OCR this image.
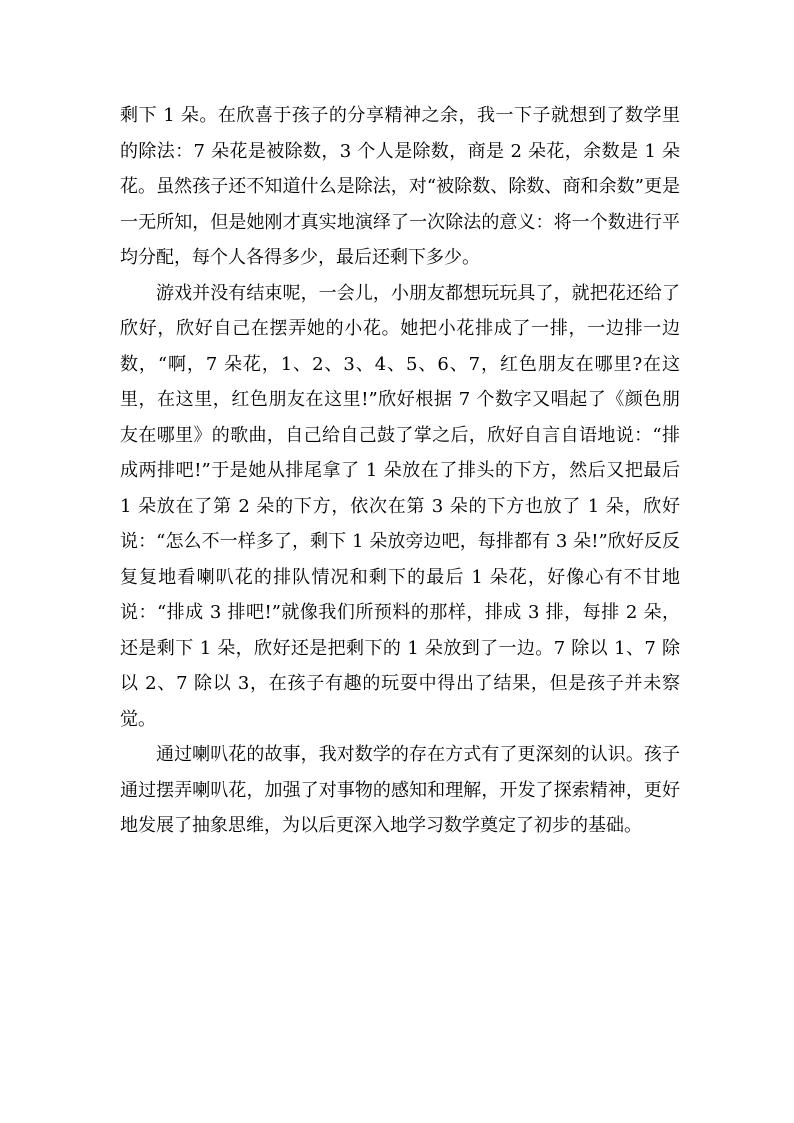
剩下 1 朵。在欣喜于孩子的分享精神之余，我一下子就想到了数学里的除法：7 朵花是被除数，3 个人是除数，商是 2 朵花，余数是 1 朵花。虽然孩子还不知道什么是除法，对“被除数、除数、商和余数”更是一无所知，但是她刚才真实地演绎了一次除法的意义：将一个数进行平均分配，每个人各得多少，最后还剩下多少。

游戏并没有结束呢，一会儿，小朋友都想玩玩具了，就把花还给了欣好，欣好自己在摆弄她的小花。她把小花排成了一排，一边排一边数，“啊，7 朵花，1、2、3、4、5、6、7，红色朋友在哪里?在这里，在这里，红色朋友在这里!”欣好根据 7 个数字又唱起了《颜色朋友在哪里》的歌曲，自己给自己鼓了掌之后，欣好自言自语地说：“排成两排吧!”于是她从排尾拿了 1 朵放在了排头的下方，然后又把最后 1 朵放在了第 2 朵的下方，依次在第 3 朵的下方也放了 1 朵，欣好说：“怎么不一样多了，剩下 1 朵放旁边吧，每排都有 3 朵!”欣好反反复复地看喇叭花的排队情况和剩下的最后 1 朵花，好像心有不甘地说：“排成 3 排吧!”就像我们所预料的那样，排成 3 排，每排 2 朵，还是剩下 1 朵，欣好还是把剩下的 1 朵放到了一边。7 除以 1、7 除以 2、7 除以 3，在孩子有趣的玩耍中得出了结果，但是孩子并未察觉。

通过喇叭花的故事，我对数学的存在方式有了更深刻的认识。孩子通过摆弄喇叭花，加强了对事物的感知和理解，开发了探索精神，更好地发展了抽象思维，为以后更深入地学习数学奠定了初步的基础。
